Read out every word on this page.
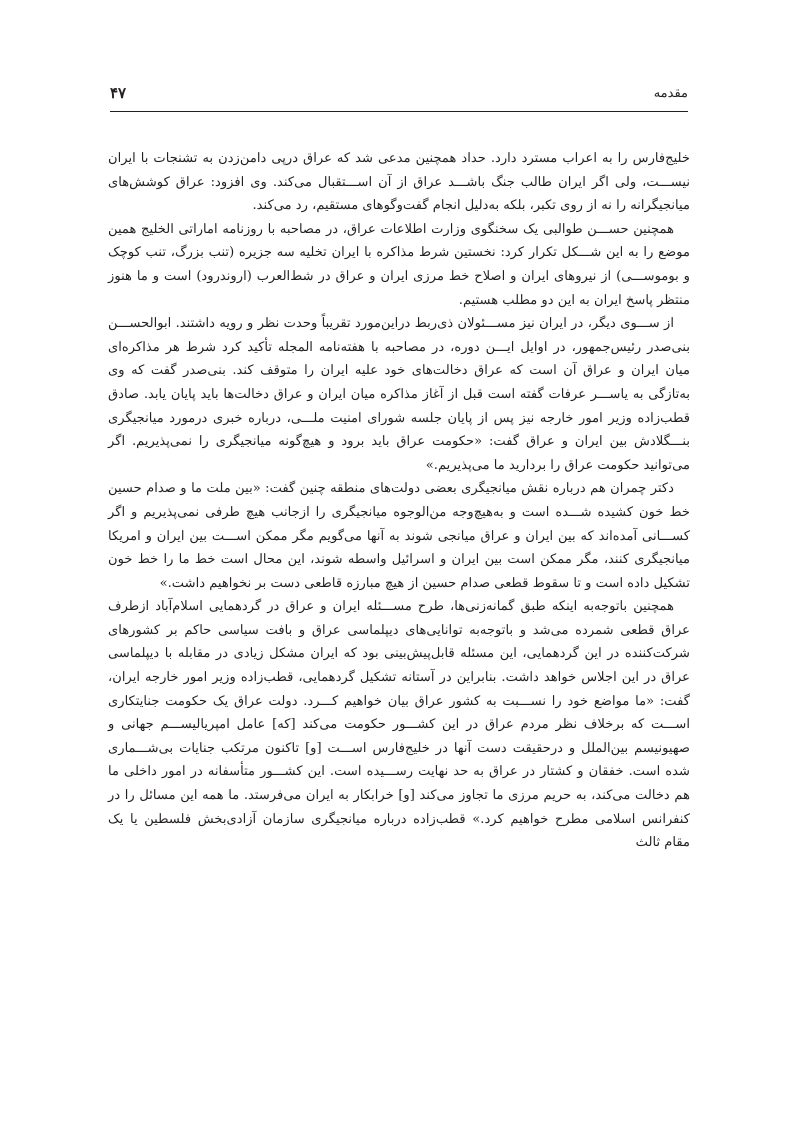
مقدمه
۴۷

خلیج‌فارس را به اعراب مسترد دارد. حداد همچنین مدعی شد که عراق درپی دامن‌زدن به تشنجات با ایران نیســـت، ولی اگر ایران طالب جنگ باشـــد عراق از آن اســـتقبال می‌کند. وی افزود: عراق کوشش‌های میانجیگرانه را نه از روی تکبر، بلکه به‌دلیل انجام گفت‌وگوهای مستقیم، رد می‌کند.

همچنین حســـن طوالبی یک سخنگوی وزارت اطلاعات عراق، در مصاحبه با روزنامه اماراتی الخلیج همین موضع را به این شـــکل تکرار کرد: نخستین شرط مذاکره با ایران تخلیه سه جزیره (تنب بزرگ، تنب کوچک و بوموســـی) از نیروهای ایران و اصلاح خط مرزی ایران و عراق در شط‌العرب (اروندرود) است و ما هنوز منتظر پاسخ ایران به این دو مطلب هستیم.

از ســـوی دیگر، در ایران نیز مســـئولان ذی‌ربط دراین‌مورد تقریباً وحدت نظر و رویه داشتند. ابوالحســـن بنی‌صدر رئیس‌جمهور، در اوایل ایـــن دوره، در مصاحبه با هفته‌نامه المجله تأکید کرد شرط هر مذاکره‌ای میان ایران و عراق آن است که عراق دخالت‌های خود علیه ایران را متوقف کند. بنی‌صدر گفت که وی به‌تازگی به یاســـر عرفات گفته است قبل از آغاز مذاکره میان ایران و عراق دخالت‌ها باید پایان یابد. صادق قطب‌زاده وزیر امور خارجه نیز پس از پایان جلسه شورای امنیت ملـــی، درباره خبری درمورد میانجیگری بنـــگلادش بین ایران و عراق گفت: «حکومت عراق باید برود و هیچ‌گونه میانجیگری را نمی‌پذیریم. اگر می‌توانید حکومت عراق را بردارید ما می‌پذیریم.»

دکتر چمران هم درباره نقش میانجیگری بعضی دولت‌های منطقه چنین گفت: «بین ملت ما و صدام حسین خط خون کشیده شـــده است و به‌هیچ‌وجه من‌الوجوه میانجیگری را ازجانب هیچ طرفی نمی‌پذیریم و اگر کســـانی آمده‌اند که بین ایران و عراق میانجی شوند به آنها می‌گویم مگر ممکن اســـت بین ایران و امریکا میانجیگری کنند، مگر ممکن است بین ایران و اسرائیل واسطه شوند، این محال است خط ما را خط خون تشکیل داده است و تا سقوط قطعی صدام حسین از هیچ مبارزه قاطعی دست بر نخواهیم داشت.»

همچنین باتوجه‌به اینکه طبق گمانه‌زنی‌ها، طرح مســـئله ایران و عراق در گردهمایی اسلام‌آباد ازطرف عراق قطعی شمرده می‌شد و باتوجه‌به توانایی‌های دیپلماسی عراق و بافت سیاسی حاکم بر کشورهای شرکت‌کننده در این گردهمایی، این مسئله قابل‌پیش‌بینی بود که ایران مشکل زیادی در مقابله با دیپلماسی عراق در این اجلاس خواهد داشت. بنابراین در آستانه تشکیل گردهمایی، قطب‌زاده وزیر امور خارجه ایران، گفت: «ما مواضع خود را نســـبت به کشور عراق بیان خواهیم کـــرد. دولت عراق یک حکومت جنایتکاری اســـت که برخلاف نظر مردم عراق در این کشـــور حکومت می‌کند [که] عامل امپریالیســـم جهانی و صهیونیسم بین‌الملل و درحقیقت دست آنها در خلیج‌فارس اســـت [و] تاکنون مرتکب جنایات بی‌شـــماری شده است. خفقان و کشتار در عراق به حد نهایت رســـیده است. این کشـــور متأسفانه در امور داخلی ما هم دخالت می‌کند، به حریم مرزی ما تجاوز می‌کند [و] خرابکار به ایران می‌فرستد. ما همه این مسائل را در کنفرانس اسلامی مطرح خواهیم کرد.» قطب‌زاده درباره میانجیگری سازمان آزادی‌بخش فلسطین یا یک مقام ثالث
